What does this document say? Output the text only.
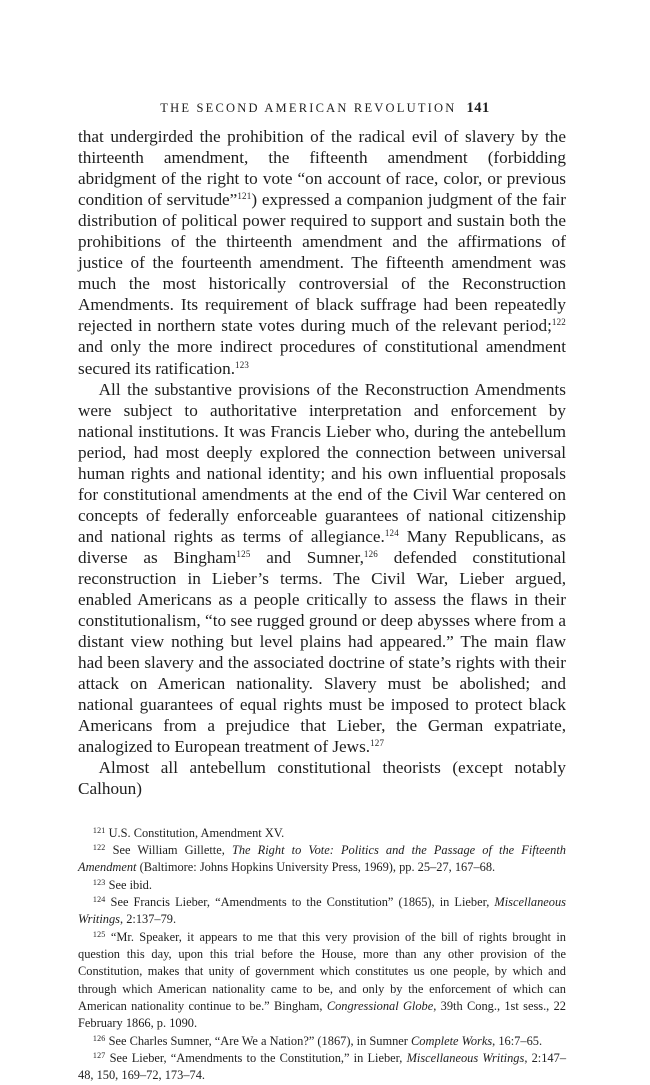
THE SECOND AMERICAN REVOLUTION 141

that undergirded the prohibition of the radical evil of slavery by the thirteenth amendment, the fifteenth amendment (forbidding abridgment of the right to vote “on account of race, color, or previous condition of servitude”$^{121}$) expressed a companion judgment of the fair distribution of political power required to support and sustain both the prohibitions of the thirteenth amendment and the affirmations of justice of the fourteenth amendment. The fifteenth amendment was much the most historically controversial of the Reconstruction Amendments. Its requirement of black suffrage had been repeatedly rejected in northern state votes during much of the relevant period;$^{122}$ and only the more indirect procedures of constitutional amendment secured its ratification.$^{123}$

All the substantive provisions of the Reconstruction Amendments were subject to authoritative interpretation and enforcement by national institutions. It was Francis Lieber who, during the antebellum period, had most deeply explored the connection between universal human rights and national identity; and his own influential proposals for constitutional amendments at the end of the Civil War centered on concepts of federally enforceable guarantees of national citizenship and national rights as terms of allegiance.$^{124}$ Many Republicans, as diverse as Bingham$^{125}$ and Sumner,$^{126}$ defended constitutional reconstruction in Lieber’s terms. The Civil War, Lieber argued, enabled Americans as a people critically to assess the flaws in their constitutionalism, “to see rugged ground or deep abysses where from a distant view nothing but level plains had appeared.” The main flaw had been slavery and the associated doctrine of state’s rights with their attack on American nationality. Slavery must be abolished; and national guarantees of equal rights must be imposed to protect black Americans from a prejudice that Lieber, the German expatriate, analogized to European treatment of Jews.$^{127}$

Almost all antebellum constitutional theorists (except notably Calhoun)

$^{121}$ U.S. Constitution, Amendment XV.

$^{122}$ See William Gillette, The Right to Vote: Politics and the Passage of the Fifteenth Amendment (Baltimore: Johns Hopkins University Press, 1969), pp. 25–27, 167–68.

$^{123}$ See ibid.

$^{124}$ See Francis Lieber, “Amendments to the Constitution” (1865), in Lieber, Miscellaneous Writings, 2:137–79.

$^{125}$ “Mr. Speaker, it appears to me that this very provision of the bill of rights brought in question this day, upon this trial before the House, more than any other provision of the Constitution, makes that unity of government which constitutes us one people, by which and through which American nationality came to be, and only by the enforcement of which can American nationality continue to be.” Bingham, Congressional Globe, 39th Cong., 1st sess., 22 February 1866, p. 1090.

$^{126}$ See Charles Sumner, “Are We a Nation?” (1867), in Sumner Complete Works, 16:7–65.

$^{127}$ See Lieber, “Amendments to the Constitution,” in Lieber, Miscellaneous Writings, 2:147–48, 150, 169–72, 173–74.
